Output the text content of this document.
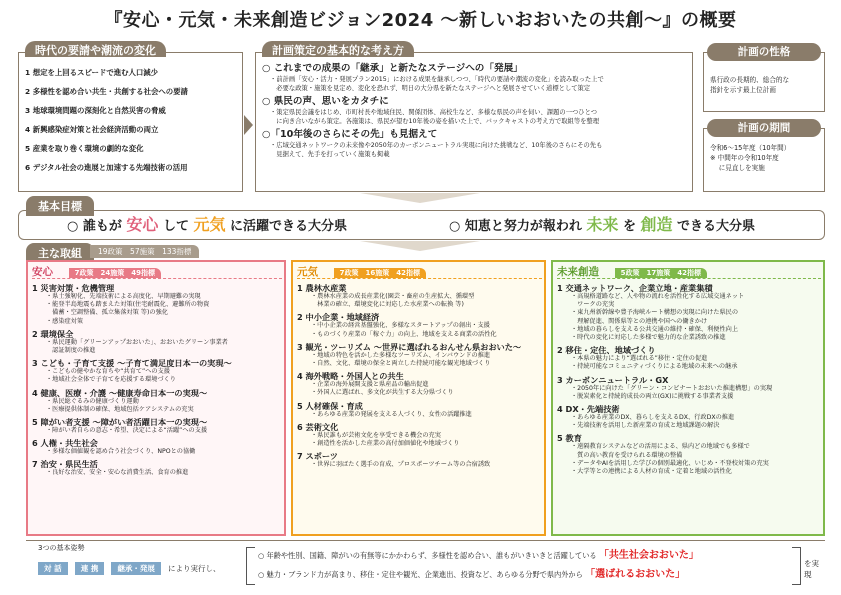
『安心・元気・未来創造ビジョン2024 ～新しいおおいたの共創～』の概要
時代の要請や潮流の変化
1 想定を上回るスピードで進む人口減少
2 多様性を認め合い共生・共創する社会への要請
3 地球環境問題の深刻化と自然災害の脅威
4 新興感染症対策と社会経済活動の両立
5 産業を取り巻く環境の劇的な変化
6 デジタル社会の進展と加速する先端技術の活用
計画策定の基本的な考え方
○ これまでの成果の「継承」と新たなステージへの「発展」
・前計画「安心・活力・発展プラン2015」における成果を継承しつつ、「時代の要請や潮流の変化」を読み取った上で
　必要な政策・施策を見定め、変化を恐れず、明日の大分県を新たなステージへと発展させていく道標として策定
○ 県民の声、思いをカタチに
・策定県民会議をはじめ、市町村長や地域住民、関係団体、高校生など、多様な県民の声を伺い、課題の一つひとつ
　に向き合いながら策定。各施策は、県民が望む10年後の姿を描いた上で、バックキャストの考え方で取組等を整理
○「10年後のさらにその先」も見据えて
・広域交通ネットワークの未来像や2050年のカーボンニュートラル実現に向けた挑戦など、10年後のさらにその先も
　見据えて、先手を打っていく施策も掲載
計画の性格
県行政の長期的、総合的な
指針を示す最上位計画
計画の期間
令和6～15年度（10年間）
※ 中間年の令和10年度
　 に見直しを実施
基本目標
○ 誰もが 安心 して 元気 に活躍できる大分県	○ 知恵と努力が報われ 未来 を 創造 できる大分県
主な取組	19政策　57施策　133指標
安心	7政策　24施策　49指標
1 災害対策・危機管理
・県土強靭化、先端技術による高度化、早期避難の実現
・能登半島地震も踏まえた対策(住宅耐震化、避難所の物資
　備蓄・空調整備、孤立集落対策 等)の強化
・感染症対策
2 環境保全
・県民運動「グリーンアップおおいた」、おおいたグリーン事業者
　認証制度の推進
3 こども・子育て支援 ～子育て満足度日本一の実現～
・こどもの健やかな育ちや“共育て”への支援
・地域社会全体で子育てを応援する環境づくり
4 健康、医療・介護 ～健康寿命日本一の実現～
・県民総ぐるみの健康づくり運動
・医療提供体制の確保、地域包括ケアシステムの充実
5 障がい者支援 ～障がい者活躍日本一の実現～
・障がい者自らの意志・希望、決定による“活躍”への支援
6 人権・共生社会
・多様な価値観を認め合う社会づくり、NPOとの協働
7 治安・県民生活
・良好な治安、安全・安心な消費生活、食育の推進
元気	7政策　16施策　42指標
1 農林水産業
・農林水産業の成長産業化(園芸・畜産の生産拡大、循環型
　林業の確立、環境変化に対応した水産業への転換 等)
2 中小企業・地域経済
・中小企業の経営基盤強化、多様なスタートアップの創出・支援
・ものづくり産業の「稼ぐ力」の向上、地域を支える商業の活性化
3 観光・ツーリズム ～世界に選ばれるおんせん県おおいた～
・地域の特色を活かした多様なツーリズム、インバウンドの推進
・自然、文化、環境の保全と両立した持続可能な観光地域づくり
4 海外戦略・外国人との共生
・企業の海外展開支援と県産品の輸出促進
・外国人に選ばれ、多文化が共生する大分県づくり
5 人材確保・育成
・あらゆる産業の発展を支える人づくり、女性の活躍推進
6 芸術文化
・県民誰もが芸術文化を享受できる機会の充実
・創造性を活かした産業の高付加価値化や地域づくり
7 スポーツ
・世界に羽ばたく選手の育成、プロスポーツチーム等の合宿誘致
未来創造	5政策　17施策　42指標
1 交通ネットワーク、企業立地・産業集積
・高規格道路など、人や物の流れを活性化する広域交通ネット
　ワークの充実
・東九州新幹線や豊予海峡ルート構想の実現に向けた県民の
　理解促進、関係県等との連携や国への働きかけ
・地域の暮らしを支える公共交通の維持・確保、利便性向上
・時代の変化に対応した多様で魅力的な企業誘致の推進
2 移住・定住、地域づくり
・本県の魅力により“選ばれる”移住・定住の促進
・持続可能なコミュニティづくりによる地域の未来への継承
3 カーボンニュートラル・GX
・2050年に向けた「グリーン・コンビナートおおいた推進構想」の実現
・脱炭素化と持続的成長の両立(GX)に挑戦する事業者支援
4 DX・先端技術
・あらゆる産業のDX、暮らしを支えるDX、行政DXの推進
・先端技術を活用した新産業の育成と地域課題の解決
5 教育
・遠隔教育システムなどの活用による、県内どの地域でも多様で
　質の高い教育を受けられる環境の整備
・データやAIを活用した学びの個別最適化、いじめ・不登校対策の充実
・大学等との連携による人材の育成・定着と地域の活性化
3つの基本姿勢
対 話	連 携	継承・発展 により実行し、
○ 年齢や性別、国籍、障がいの有無等にかかわらず、多様性を認め合い、誰もがいきいきと活躍している 「共生社会おおいた」
○ 魅力・ブランド力が高まり、移住・定住や観光、企業進出、投資など、あらゆる分野で県内外から 「選ばれるおおいた」
を実現
